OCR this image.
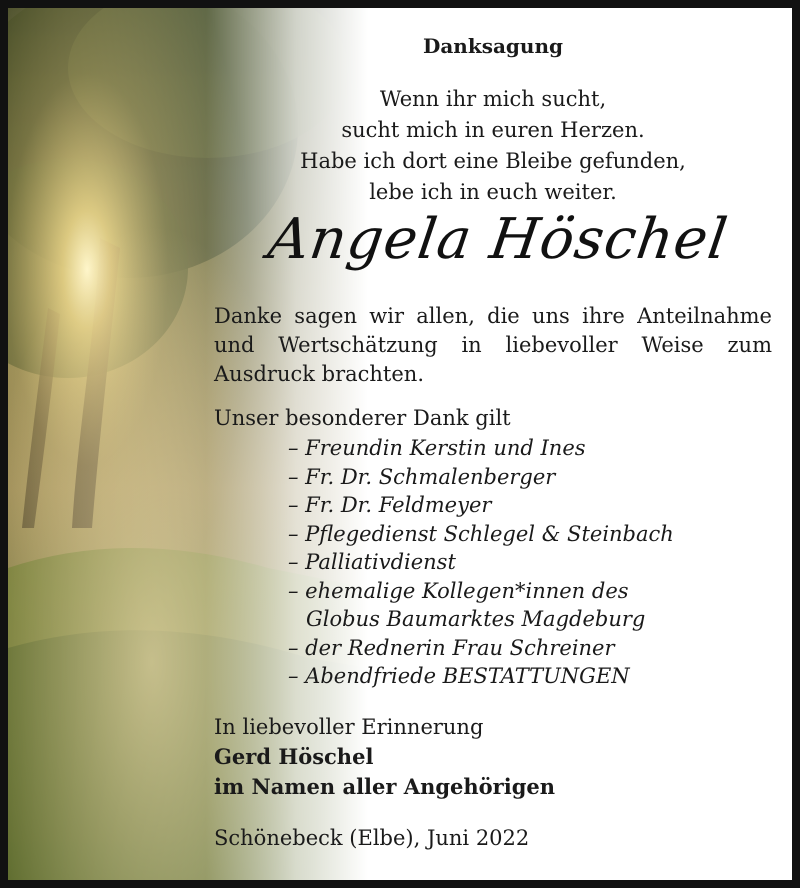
Danksagung
Wenn ihr mich sucht,
sucht mich in euren Herzen.
Habe ich dort eine Bleibe gefunden,
lebe ich in euch weiter.
Angela Höschel
Danke sagen wir allen, die uns ihre Anteilnahme
und Wertschätzung in liebevoller Weise zum
Ausdruck brachten.
Unser besonderer Dank gilt
– Freundin Kerstin und Ines
– Fr. Dr. Schmalenberger
– Fr. Dr. Feldmeyer
– Pflegedienst Schlegel & Steinbach
– Palliativdienst
– ehemalige Kollegen*innen des
Globus Baumarktes Magdeburg
– der Rednerin Frau Schreiner
– Abendfriede BESTATTUNGEN
In liebevoller Erinnerung
Gerd Höschel
im Namen aller Angehörigen
Schönebeck (Elbe), Juni 2022
